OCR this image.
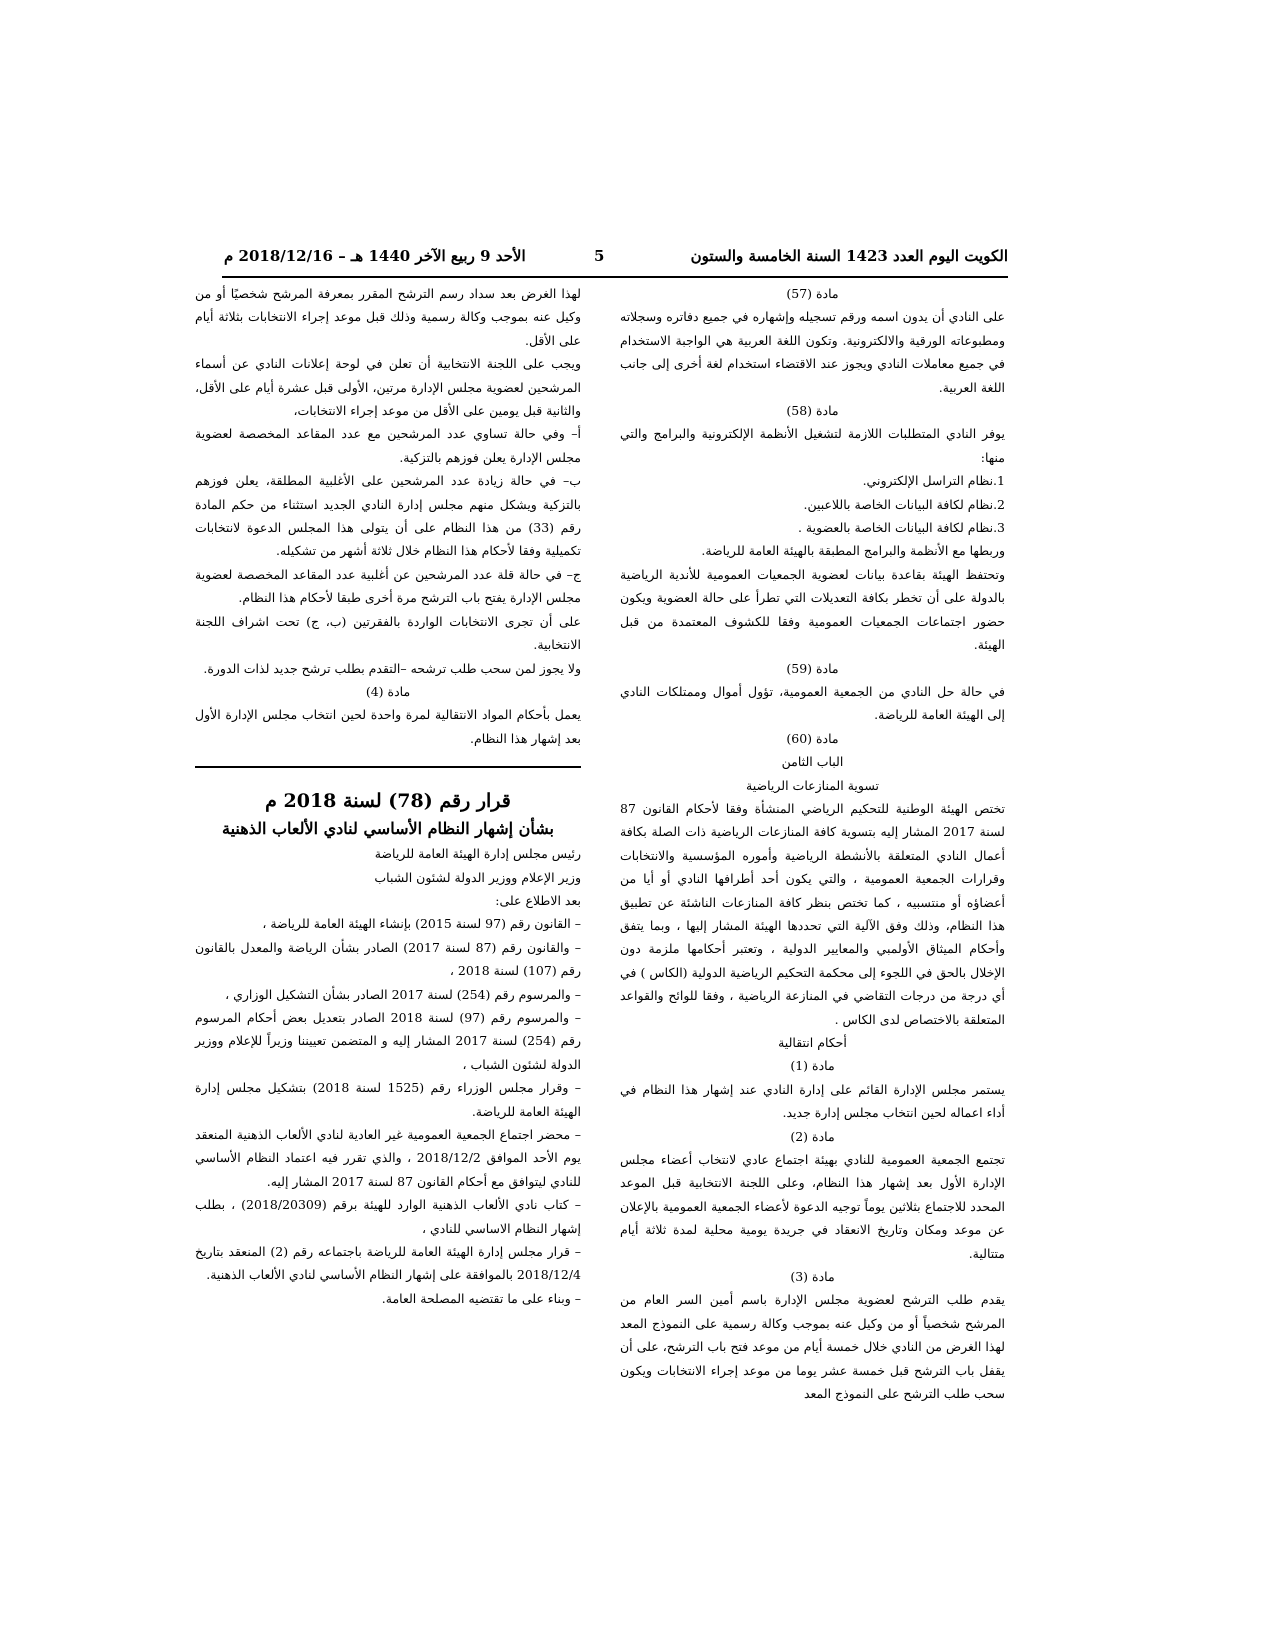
الأحد 9 ربيع الآخر 1440 هـ – 2018/12/16 م	5	الكويت اليوم العدد 1423 السنة الخامسة والستون

مادة (57)

على النادي أن يدون اسمه ورقم تسجيله وإشهاره في جميع دفاتره وسجلاته ومطبوعاته الورقية والالكترونية. وتكون اللغة العربية هي الواجبة الاستخدام في جميع معاملات النادي ويجوز عند الاقتضاء استخدام لغة أخرى إلى جانب اللغة العربية.

مادة (58)

يوفر النادي المتطلبات اللازمة لتشغيل الأنظمة الإلكترونية والبرامج والتي منها:

1.نظام التراسل الإلكتروني.

2.نظام لكافة البيانات الخاصة باللاعبين.

3.نظام لكافة البيانات الخاصة بالعضوية .

وربطها مع الأنظمة والبرامج المطبقة بالهيئة العامة للرياضة.

وتحتفظ الهيئة بقاعدة بيانات لعضوية الجمعيات العمومية للأندية الرياضية بالدولة على أن تخطر بكافة التعديلات التي تطرأ على حالة العضوية ويكون حضور اجتماعات الجمعيات العمومية وفقا للكشوف المعتمدة من قبل الهيئة.

مادة (59)

في حالة حل النادي من الجمعية العمومية، تؤول أموال وممتلكات النادي إلى الهيئة العامة للرياضة.

مادة (60)

الباب الثامن

تسوية المنازعات الرياضية

تختص الهيئة الوطنية للتحكيم الرياضي المنشأة وفقا لأحكام القانون 87 لسنة 2017 المشار إليه بتسوية كافة المنازعات الرياضية ذات الصلة بكافة أعمال النادي المتعلقة بالأنشطة الرياضية وأموره المؤسسية والانتخابات وقرارات الجمعية العمومية ، والتي يكون أحد أطرافها النادي أو أيا من أعضاؤه أو منتسبيه ، كما تختص بنظر كافة المنازعات الناشئة عن تطبيق هذا النظام، وذلك وفق الآلية التي تحددها الهيئة المشار إليها ، وبما يتفق وأحكام الميثاق الأولمبي والمعايير الدولية ، وتعتبر أحكامها ملزمة دون الإخلال بالحق في اللجوء إلى محكمة التحكيم الرياضية الدولية (الكاس ) في أي درجة من درجات التقاضي في المنازعة الرياضية ، وفقا للوائح والقواعد المتعلقة بالاختصاص لدى الكاس .

أحكام انتقالية

مادة (1)

يستمر مجلس الإدارة القائم على إدارة النادي عند إشهار هذا النظام في أداء اعماله لحين انتخاب مجلس إدارة جديد.

مادة (2)

تجتمع الجمعية العمومية للنادي بهيئة اجتماع عادي لانتخاب أعضاء مجلس الإدارة الأول بعد إشهار هذا النظام، وعلى اللجنة الانتخابية قبل الموعد المحدد للاجتماع بثلاثين يوماً توجيه الدعوة لأعضاء الجمعية العمومية بالإعلان عن موعد ومكان وتاريخ الانعقاد في جريدة يومية محلية لمدة ثلاثة أيام متتالية.

مادة (3)

يقدم طلب الترشح لعضوية مجلس الإدارة باسم أمين السر العام من المرشح شخصياً أو من وكيل عنه بموجب وكالة رسمية على النموذج المعد لهذا الغرض من النادي خلال خمسة أيام من موعد فتح باب الترشح، على أن يقفل باب الترشح قبل خمسة عشر يوما من موعد إجراء الانتخابات ويكون سحب طلب الترشح على النموذج المعد

لهذا الغرض بعد سداد رسم الترشح المقرر بمعرفة المرشح شخصيًا أو من وكيل عنه بموجب وكالة رسمية وذلك قبل موعد إجراء الانتخابات بثلاثة أيام على الأقل.

ويجب على اللجنة الانتخابية أن تعلن في لوحة إعلانات النادي عن أسماء المرشحين لعضوية مجلس الإدارة مرتين، الأولى قبل عشرة أيام على الأقل، والثانية قبل يومين على الأقل من موعد إجراء الانتخابات،

أ– وفي حالة تساوي عدد المرشحين مع عدد المقاعد المخصصة لعضوية مجلس الإدارة يعلن فوزهم بالتزكية.

ب– في حالة زيادة عدد المرشحين على الأغلبية المطلقة، يعلن فوزهم بالتزكية ويشكل منهم مجلس إدارة النادي الجديد استثناء من حكم المادة رقم (33) من هذا النظام على أن يتولى هذا المجلس الدعوة لانتخابات تكميلية وفقا لأحكام هذا النظام خلال ثلاثة أشهر من تشكيله.

ج– في حالة قلة عدد المرشحين عن أغلبية عدد المقاعد المخصصة لعضوية مجلس الإدارة يفتح باب الترشح مرة أخرى طبقا لأحكام هذا النظام.

على أن تجرى الانتخابات الواردة بالفقرتين (ب، ج) تحت اشراف اللجنة الانتخابية.

ولا يجوز لمن سحب طلب ترشحه –التقدم بطلب ترشح جديد لذات الدورة.

مادة (4)

يعمل بأحكام المواد الانتقالية لمرة واحدة لحين انتخاب مجلس الإدارة الأول بعد إشهار هذا النظام.

قرار رقم (78) لسنة 2018 م

بشأن إشهار النظام الأساسي لنادي الألعاب الذهنية

رئيس مجلس إدارة الهيئة العامة للرياضة

وزير الإعلام ووزير الدولة لشئون الشباب

بعد الاطلاع على:

– القانون رقم (97 لسنة 2015) بإنشاء الهيئة العامة للرياضة ،

– والقانون رقم (87 لسنة 2017) الصادر بشأن الرياضة والمعدل بالقانون رقم (107) لسنة 2018 ،

– والمرسوم رقم (254) لسنة 2017 الصادر بشأن التشكيل الوزاري ،

– والمرسوم رقم (97) لسنة 2018 الصادر بتعديل بعض أحكام المرسوم رقم (254) لسنة 2017 المشار إليه و المتضمن تعييننا وزيراً للإعلام ووزير الدولة لشئون الشباب ،

– وقرار مجلس الوزراء رقم (1525 لسنة 2018) بتشكيل مجلس إدارة الهيئة العامة للرياضة.

– محضر اجتماع الجمعية العمومية غير العادية لنادي الألعاب الذهنية المنعقد يوم الأحد الموافق 2018/12/2 ، والذي تقرر فيه اعتماد النظام الأساسي للنادي ليتوافق مع أحكام القانون 87 لسنة 2017 المشار إليه.

– كتاب نادي الألعاب الذهنية الوارد للهيئة برقم (2018/20309) ، بطلب إشهار النظام الاساسي للنادي ،

– قرار مجلس إدارة الهيئة العامة للرياضة باجتماعه رقم (2) المنعقد بتاريخ 2018/12/4 بالموافقة على إشهار النظام الأساسي لنادي الألعاب الذهنية.

– وبناء على ما تقتضيه المصلحة العامة.
